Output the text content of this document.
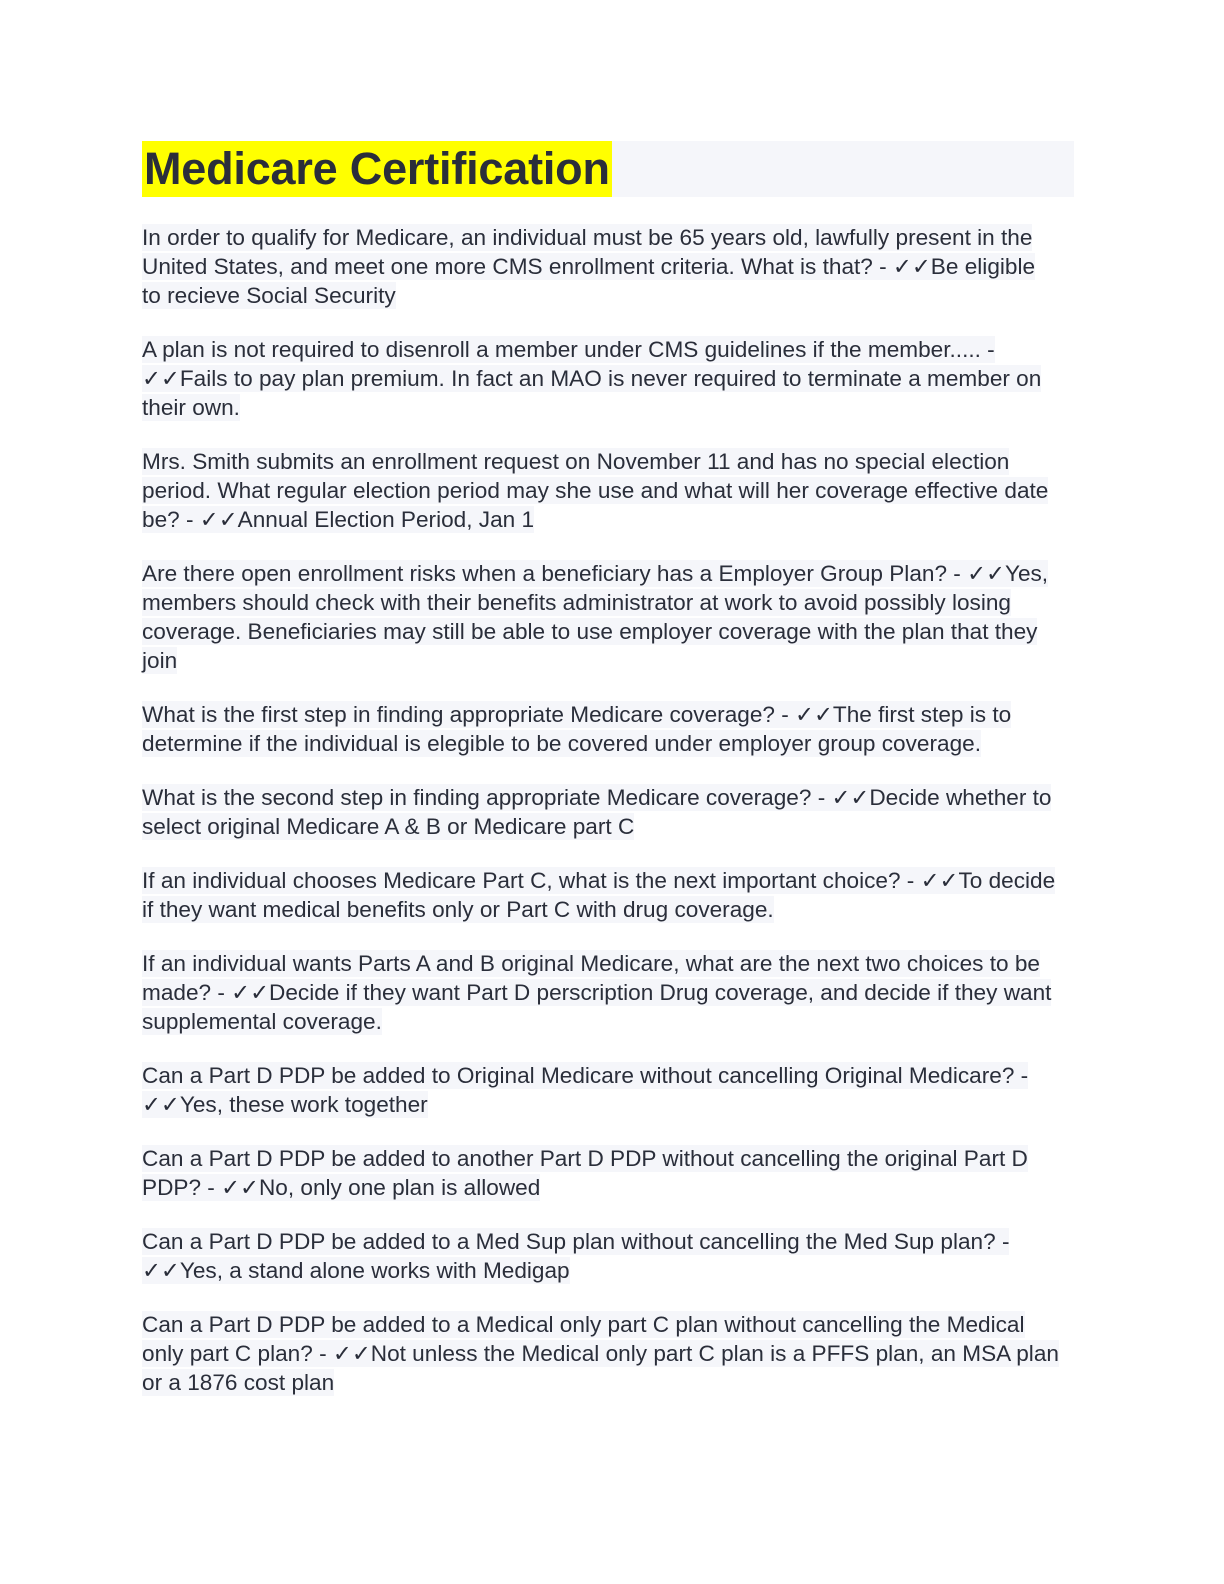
Medicare Certification

In order to qualify for Medicare, an individual must be 65 years old, lawfully present in the United States, and meet one more CMS enrollment criteria. What is that? - ✓✓Be eligible to recieve Social Security

A plan is not required to disenroll a member under CMS guidelines if the member..... - ✓✓Fails to pay plan premium. In fact an MAO is never required to terminate a member on their own.

Mrs. Smith submits an enrollment request on November 11 and has no special election period. What regular election period may she use and what will her coverage effective date be? - ✓✓Annual Election Period, Jan 1

Are there open enrollment risks when a beneficiary has a Employer Group Plan? - ✓✓Yes, members should check with their benefits administrator at work to avoid possibly losing coverage. Beneficiaries may still be able to use employer coverage with the plan that they join

What is the first step in finding appropriate Medicare coverage? - ✓✓The first step is to determine if the individual is elegible to be covered under employer group coverage.

What is the second step in finding appropriate Medicare coverage? - ✓✓Decide whether to select original Medicare A & B or Medicare part C

If an individual chooses Medicare Part C, what is the next important choice? - ✓✓To decide if they want medical benefits only or Part C with drug coverage.

If an individual wants Parts A and B original Medicare, what are the next two choices to be made? - ✓✓Decide if they want Part D perscription Drug coverage, and decide if they want supplemental coverage.

Can a Part D PDP be added to Original Medicare without cancelling Original Medicare? - ✓✓Yes, these work together

Can a Part D PDP be added to another Part D PDP without cancelling the original Part D PDP? - ✓✓No, only one plan is allowed

Can a Part D PDP be added to a Med Sup plan without cancelling the Med Sup plan? - ✓✓Yes, a stand alone works with Medigap

Can a Part D PDP be added to a Medical only part C plan without cancelling the Medical only part C plan? - ✓✓Not unless the Medical only part C plan is a PFFS plan, an MSA plan or a 1876 cost plan
